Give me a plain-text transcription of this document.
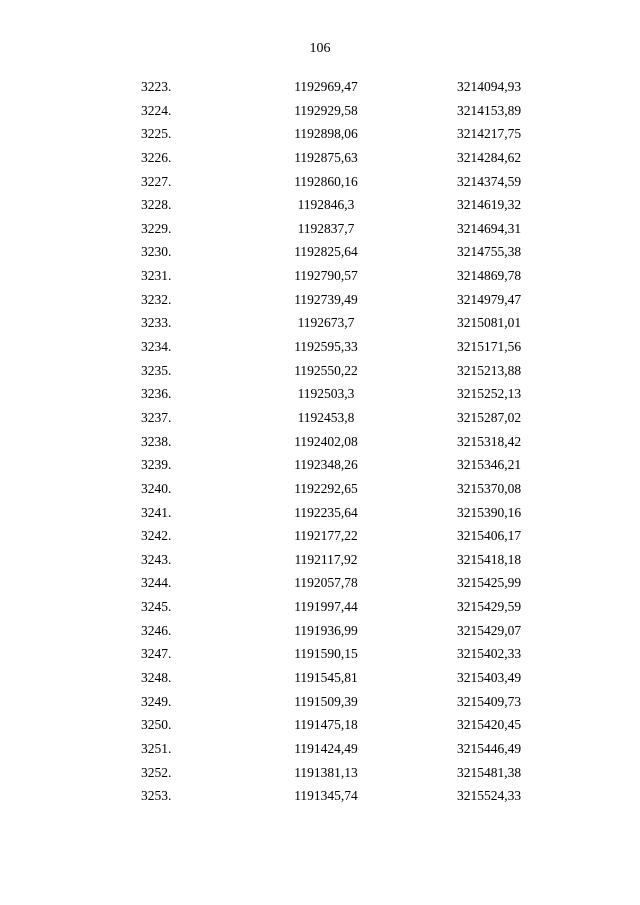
106
3223.	1192969,47	3214094,93
3224.	1192929,58	3214153,89
3225.	1192898,06	3214217,75
3226.	1192875,63	3214284,62
3227.	1192860,16	3214374,59
3228.	1192846,3	3214619,32
3229.	1192837,7	3214694,31
3230.	1192825,64	3214755,38
3231.	1192790,57	3214869,78
3232.	1192739,49	3214979,47
3233.	1192673,7	3215081,01
3234.	1192595,33	3215171,56
3235.	1192550,22	3215213,88
3236.	1192503,3	3215252,13
3237.	1192453,8	3215287,02
3238.	1192402,08	3215318,42
3239.	1192348,26	3215346,21
3240.	1192292,65	3215370,08
3241.	1192235,64	3215390,16
3242.	1192177,22	3215406,17
3243.	1192117,92	3215418,18
3244.	1192057,78	3215425,99
3245.	1191997,44	3215429,59
3246.	1191936,99	3215429,07
3247.	1191590,15	3215402,33
3248.	1191545,81	3215403,49
3249.	1191509,39	3215409,73
3250.	1191475,18	3215420,45
3251.	1191424,49	3215446,49
3252.	1191381,13	3215481,38
3253.	1191345,74	3215524,33
